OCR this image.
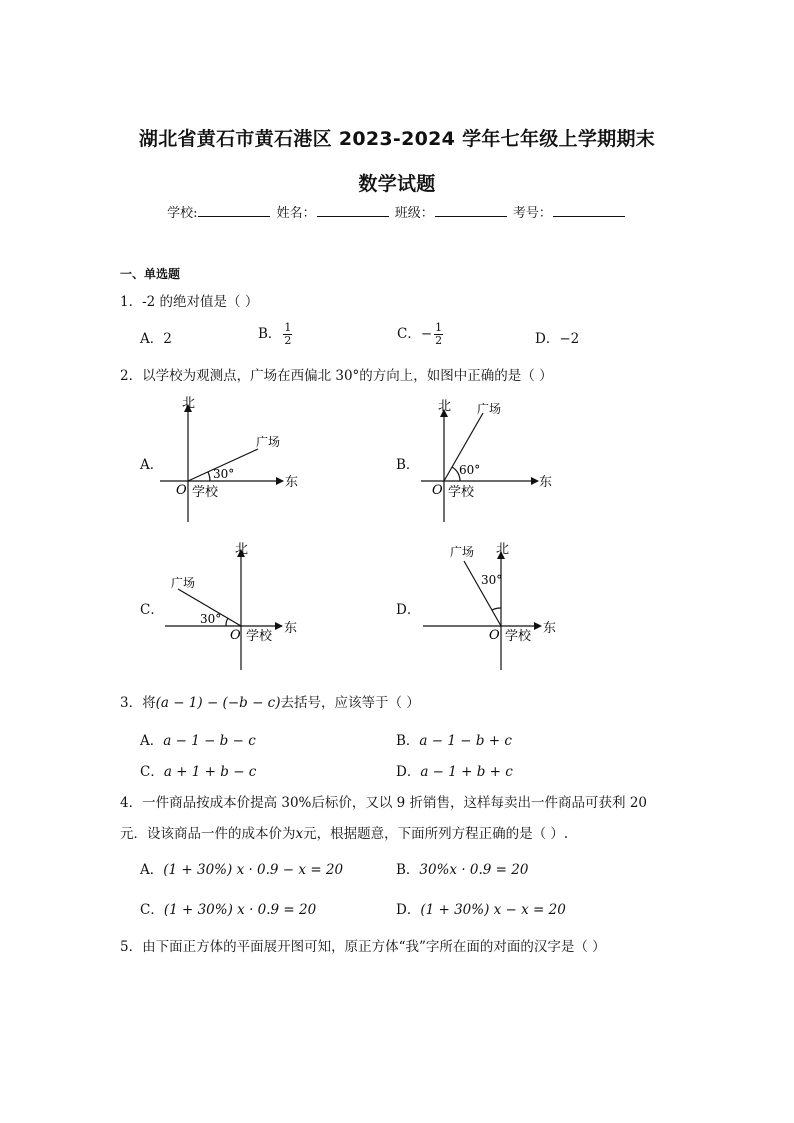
湖北省黄石市黄石港区 2023-2024 学年七年级上学期期末
数学试题
学校:	姓名：	班级：	考号：
一、单选题
1．-2 的绝对值是（ ）
A．2	B． $\frac{1}{2}$	C．− $\frac{1}{2}$	D．−2
2．以学校为观测点，广场在西偏北 30°的方向上，如图中正确的是（ ）
A．	B．
C．	D．
北
东
O 学校
广场
30°
北
东
O 学校
广场
60°
北
东
O 学校
广场
30°
北
东
O 学校
广场
30°
3．将(a − 1) − (−b − c)去括号，应该等于（ ）
A．a − 1 − b − c	B．a − 1 − b + c
C．a + 1 + b − c	D．a − 1 + b + c
4．一件商品按成本价提高 30%后标价，又以 9 折销售，这样每卖出一件商品可获利 20
元．设该商品一件的成本价为x元，根据题意，下面所列方程正确的是（ ）.
A．(1 + 30%) x · 0.9 − x = 20	B．30%x · 0.9 = 20
C．(1 + 30%) x · 0.9 = 20	D．(1 + 30%) x − x = 20
5．由下面正方体的平面展开图可知，原正方体“我”字所在面的对面的汉字是（ ）
